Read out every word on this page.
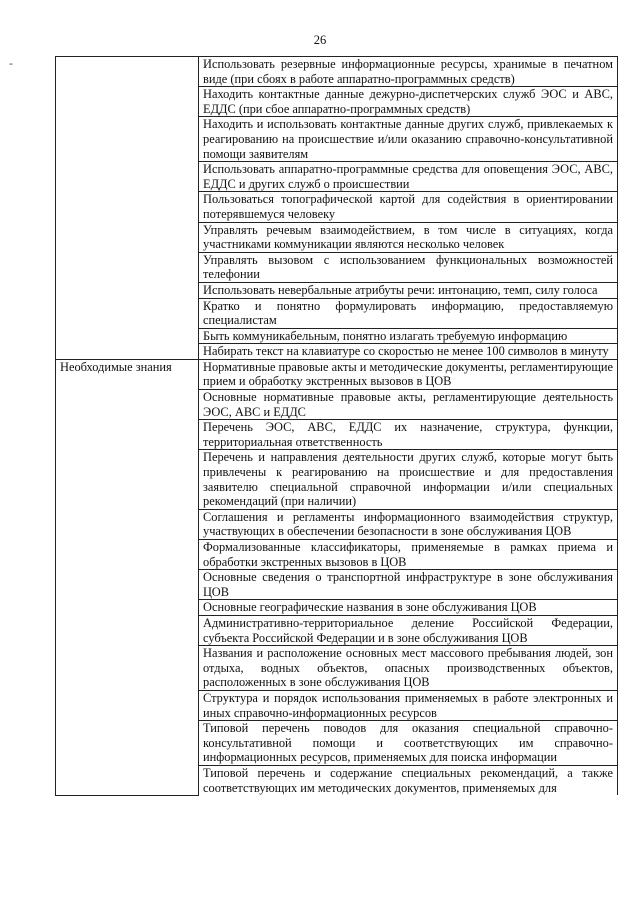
26
-
		Использовать резервные информационные ресурсы, хранимые в печатном виде (при сбоях в работе аппаратно-программных средств)
	Находить контактные данные дежурно-диспетчерских служб ЭОС и АВС, ЕДДС (при сбое аппаратно-программных средств)
	Находить и использовать контактные данные других служб, привлекаемых к реагированию на происшествие и/или оказанию справочно-консультативной помощи заявителям
	Использовать аппаратно-программные средства для оповещения ЭОС, АВС, ЕДДС и других служб о происшествии
	Пользоваться топографической картой для содействия в ориентировании потерявшемуся человеку
	Управлять речевым взаимодействием, в том числе в ситуациях, когда участниками коммуникации являются несколько человек
	Управлять вызовом с использованием функциональных возможностей телефонии
	Использовать невербальные атрибуты речи: интонацию, темп, силу голоса
	Кратко и понятно формулировать информацию, предоставляемую специалистам
	Быть коммуникабельным, понятно излагать требуемую информацию
	Набирать текст на клавиатуре со скоростью не менее 100 символов в минуту
Необходимые знания	Нормативные правовые акты и методические документы, регламентирующие прием и обработку экстренных вызовов в ЦОВ
	Основные нормативные правовые акты, регламентирующие деятельность ЭОС, АВС и ЕДДС
	Перечень ЭОС, АВС, ЕДДС их назначение, структура, функции, территориальная ответственность
	Перечень и направления деятельности других служб, которые могут быть привлечены к реагированию на происшествие и для предоставления заявителю специальной справочной информации и/или специальных рекомендаций (при наличии)
	Соглашения и регламенты информационного взаимодействия структур, участвующих в обеспечении безопасности в зоне обслуживания ЦОВ
	Формализованные классификаторы, применяемые в рамках приема и обработки экстренных вызовов в ЦОВ
	Основные сведения о транспортной инфраструктуре в зоне обслуживания ЦОВ
	Основные географические названия в зоне обслуживания ЦОВ
	Административно-территориальное деление Российской Федерации, субъекта Российской Федерации и в зоне обслуживания ЦОВ
	Названия и расположение основных мест массового пребывания людей, зон отдыха, водных объектов, опасных производственных объектов, расположенных в зоне обслуживания ЦОВ
	Структура и порядок использования применяемых в работе электронных и иных справочно-информационных ресурсов
	Типовой перечень поводов для оказания специальной справочно-консультативной помощи и соответствующих им справочно-информационных ресурсов, применяемых для поиска информации
	Типовой перечень и содержание специальных рекомендаций, а также соответствующих им методических документов, применяемых для
